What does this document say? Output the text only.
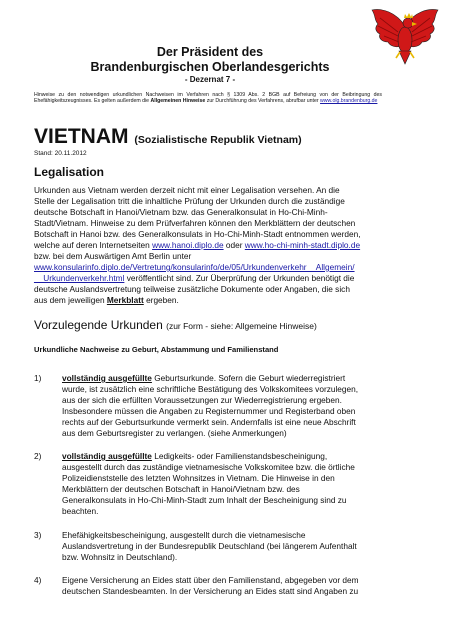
Der Präsident des
Brandenburgischen Oberlandesgerichts
- Dezernat 7 -
Hinweise zu den notwendigen urkundlichen Nachweisen im Verfahren nach § 1309 Abs. 2 BGB auf Befreiung von der Beibringung des Ehefähigkeitszeugnisses. Es gelten außerdem die Allgemeinen Hinweise zur Durchführung des Verfahrens, abrufbar unter www.olg.brandenburg.de
VIETNAM (Sozialistische Republik Vietnam)
Stand: 20.11.2012
Legalisation
Urkunden aus Vietnam werden derzeit nicht mit einer Legalisation versehen. An die
Stelle der Legalisation tritt die inhaltliche Prüfung der Urkunden durch die zuständige
deutsche Botschaft in Hanoi/Vietnam bzw. das Generalkonsulat in Ho-Chi-Minh-
Stadt/Vietnam. Hinweise zu dem Prüfverfahren können den Merkblättern der deutschen
Botschaft in Hanoi bzw. des Generalkonsulats in Ho-Chi-Minh-Stadt entnommen werden,
welche auf deren Internetseiten www.hanoi.diplo.de oder www.ho-chi-minh-stadt.diplo.de
bzw. bei dem Auswärtigen Amt Berlin unter
www.konsularinfo.diplo.de/Vertretung/konsularinfo/de/05/Urkundenverkehr__Allgemein/
__Urkundenverkehr.html veröffentlicht sind. Zur Überprüfung der Urkunden benötigt die
deutsche Auslandsvertretung teilweise zusätzliche Dokumente oder Angaben, die sich
aus dem jeweiligen Merkblatt ergeben.
Vorzulegende Urkunden (zur Form - siehe: Allgemeine Hinweise)
Urkundliche Nachweise zu Geburt, Abstammung und Familienstand
1) vollständig ausgefüllte Geburtsurkunde. Sofern die Geburt wiederregistriert
wurde, ist zusätzlich eine schriftliche Bestätigung des Volkskomitees vorzulegen,
aus der sich die erfüllten Voraussetzungen zur Wiederregistrierung ergeben.
Insbesondere müssen die Angaben zu Registernummer und Registerband oben
rechts auf der Geburtsurkunde vermerkt sein. Andernfalls ist eine neue Abschrift
aus dem Geburtsregister zu verlangen. (siehe Anmerkungen)
2) vollständig ausgefüllte Ledigkeits- oder Familienstandsbescheinigung,
ausgestellt durch das zuständige vietnamesische Volkskomitee bzw. die örtliche
Polizeidienststelle des letzten Wohnsitzes in Vietnam. Die Hinweise in den
Merkblättern der deutschen Botschaft in Hanoi/Vietnam bzw. des
Generalkonsulats in Ho-Chi-Minh-Stadt zum Inhalt der Bescheinigung sind zu
beachten.
3) Ehefähigkeitsbescheinigung, ausgestellt durch die vietnamesische
Auslandsvertretung in der Bundesrepublik Deutschland (bei längerem Aufenthalt
bzw. Wohnsitz in Deutschland).
4) Eigene Versicherung an Eides statt über den Familienstand, abgegeben vor dem
deutschen Standesbeamten. In der Versicherung an Eides statt sind Angaben zu
